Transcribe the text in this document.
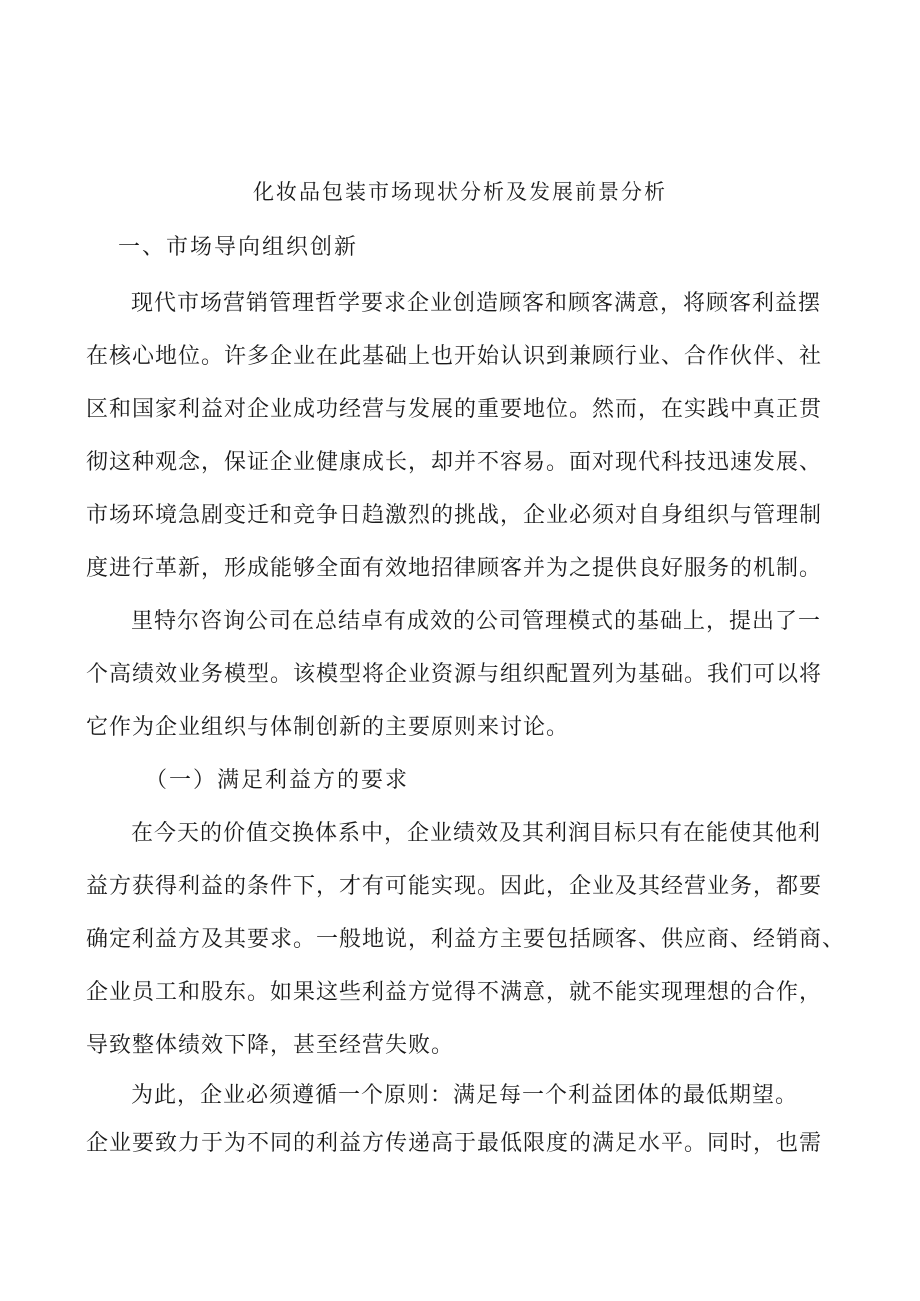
化妆品包装市场现状分析及发展前景分析
一、市场导向组织创新
现代市场营销管理哲学要求企业创造顾客和顾客满意，将顾客利益摆
在核心地位。许多企业在此基础上也开始认识到兼顾行业、合作伙伴、社
区和国家利益对企业成功经营与发展的重要地位。然而，在实践中真正贯
彻这种观念，保证企业健康成长，却并不容易。面对现代科技迅速发展、
市场环境急剧变迁和竞争日趋激烈的挑战，企业必须对自身组织与管理制
度进行革新，形成能够全面有效地招律顾客并为之提供良好服务的机制。
里特尔咨询公司在总结卓有成效的公司管理模式的基础上，提出了一
个高绩效业务模型。该模型将企业资源与组织配置列为基础。我们可以将
它作为企业组织与体制创新的主要原则来讨论。
（一）满足利益方的要求
在今天的价值交换体系中，企业绩效及其利润目标只有在能使其他利
益方获得利益的条件下，才有可能实现。因此，企业及其经营业务，都要
确定利益方及其要求。一般地说，利益方主要包括顾客、供应商、经销商、
企业员工和股东。如果这些利益方觉得不满意，就不能实现理想的合作，
导致整体绩效下降，甚至经营失败。
为此，企业必须遵循一个原则：满足每一个利益团体的最低期望。
企业要致力于为不同的利益方传递高于最低限度的满足水平。同时，也需
